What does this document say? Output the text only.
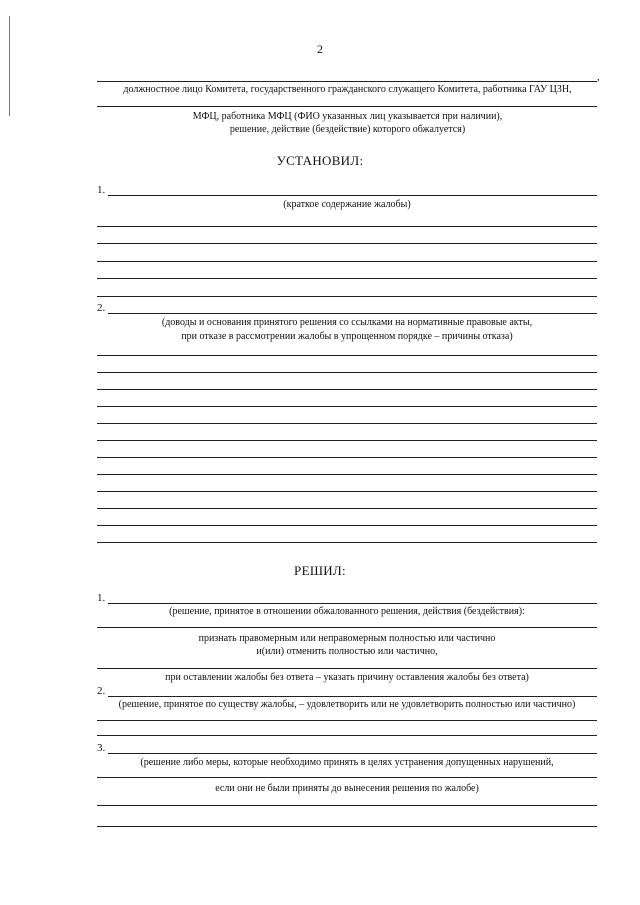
2
,
должностное лицо Комитета, государственного гражданского служащего Комитета, работника ГАУ ЦЗН,
МФЦ, работника МФЦ (ФИО указанных лиц указывается при наличии),
решение, действие (бездействие) которого обжалуется)
УСТАНОВИЛ:
1.
(краткое содержание жалобы)
2.
(доводы и основания принятого решения со ссылками на нормативные правовые акты,
при отказе в рассмотрении жалобы в упрощенном порядке – причины отказа)
РЕШИЛ:
1.
(решение, принятое в отношении обжалованного решения, действия (бездействия):
признать правомерным или неправомерным полностью или частично
и(или) отменить полностью или частично,
при оставлении жалобы без ответа – указать причину оставления жалобы без ответа)
2.
(решение, принятое по существу жалобы, – удовлетворить или не удовлетворить полностью или частично)
3.
(решение либо меры, которые необходимо принять в целях устранения допущенных нарушений,
если они не были приняты до вынесения решения по жалобе)
